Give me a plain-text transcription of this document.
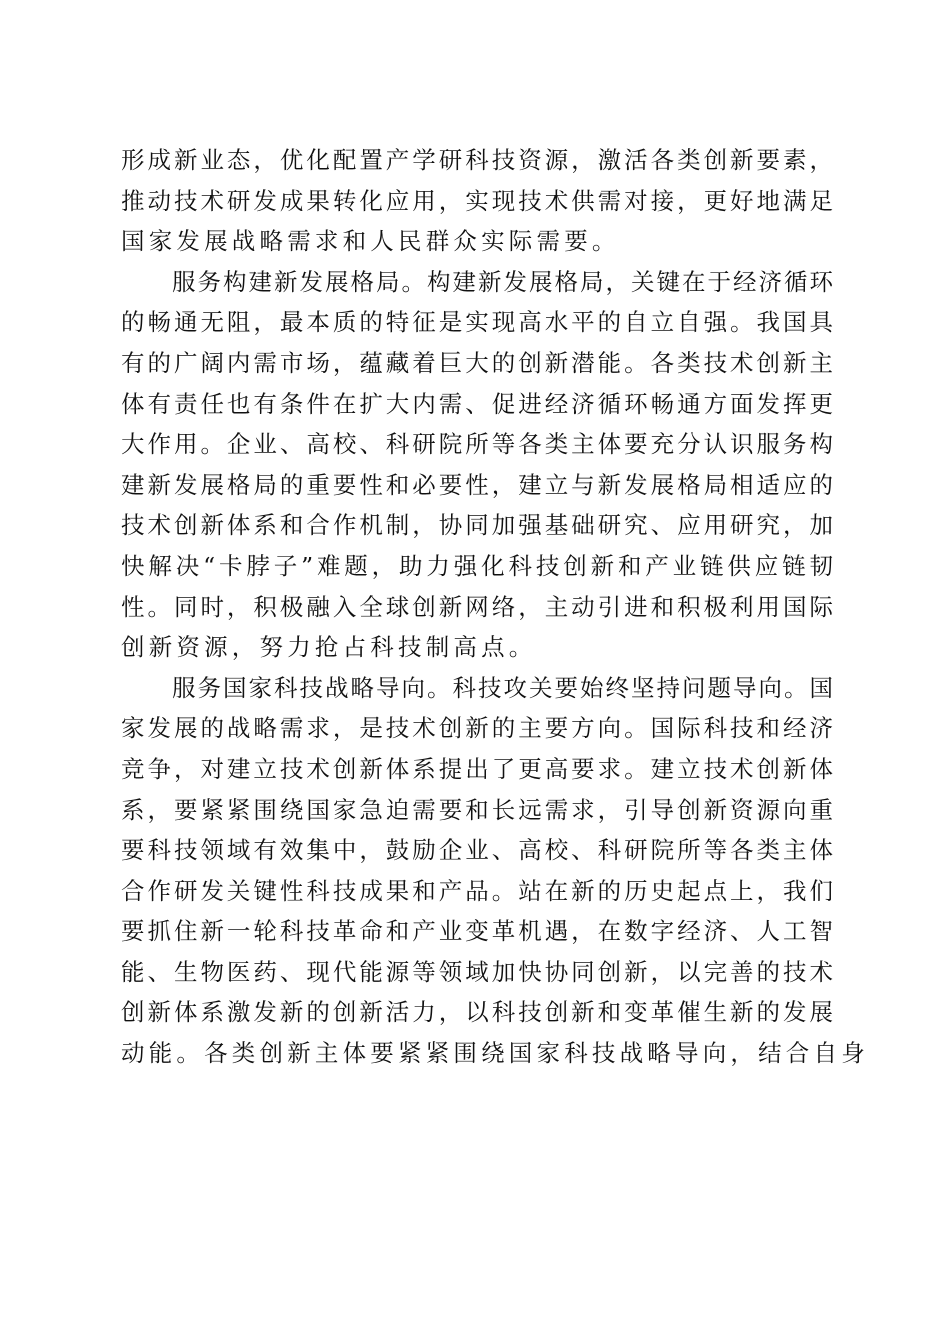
形成新业态，优化配置产学研科技资源，激活各类创新要素，
推动技术研发成果转化应用，实现技术供需对接，更好地满足
国家发展战略需求和人民群众实际需要。
　　服务构建新发展格局。构建新发展格局，关键在于经济循环
的畅通无阻，最本质的特征是实现高水平的自立自强。我国具
有的广阔内需市场，蕴藏着巨大的创新潜能。各类技术创新主
体有责任也有条件在扩大内需、促进经济循环畅通方面发挥更
大作用。企业、高校、科研院所等各类主体要充分认识服务构
建新发展格局的重要性和必要性，建立与新发展格局相适应的
技术创新体系和合作机制，协同加强基础研究、应用研究，加
快解决“卡脖子”难题，助力强化科技创新和产业链供应链韧
性。同时，积极融入全球创新网络，主动引进和积极利用国际
创新资源，努力抢占科技制高点。
　　服务国家科技战略导向。科技攻关要始终坚持问题导向。国
家发展的战略需求，是技术创新的主要方向。国际科技和经济
竞争，对建立技术创新体系提出了更高要求。建立技术创新体
系，要紧紧围绕国家急迫需要和长远需求，引导创新资源向重
要科技领域有效集中，鼓励企业、高校、科研院所等各类主体
合作研发关键性科技成果和产品。站在新的历史起点上，我们
要抓住新一轮科技革命和产业变革机遇，在数字经济、人工智
能、生物医药、现代能源等领域加快协同创新，以完善的技术
创新体系激发新的创新活力，以科技创新和变革催生新的发展
动能。各类创新主体要紧紧围绕国家科技战略导向，结合自身
